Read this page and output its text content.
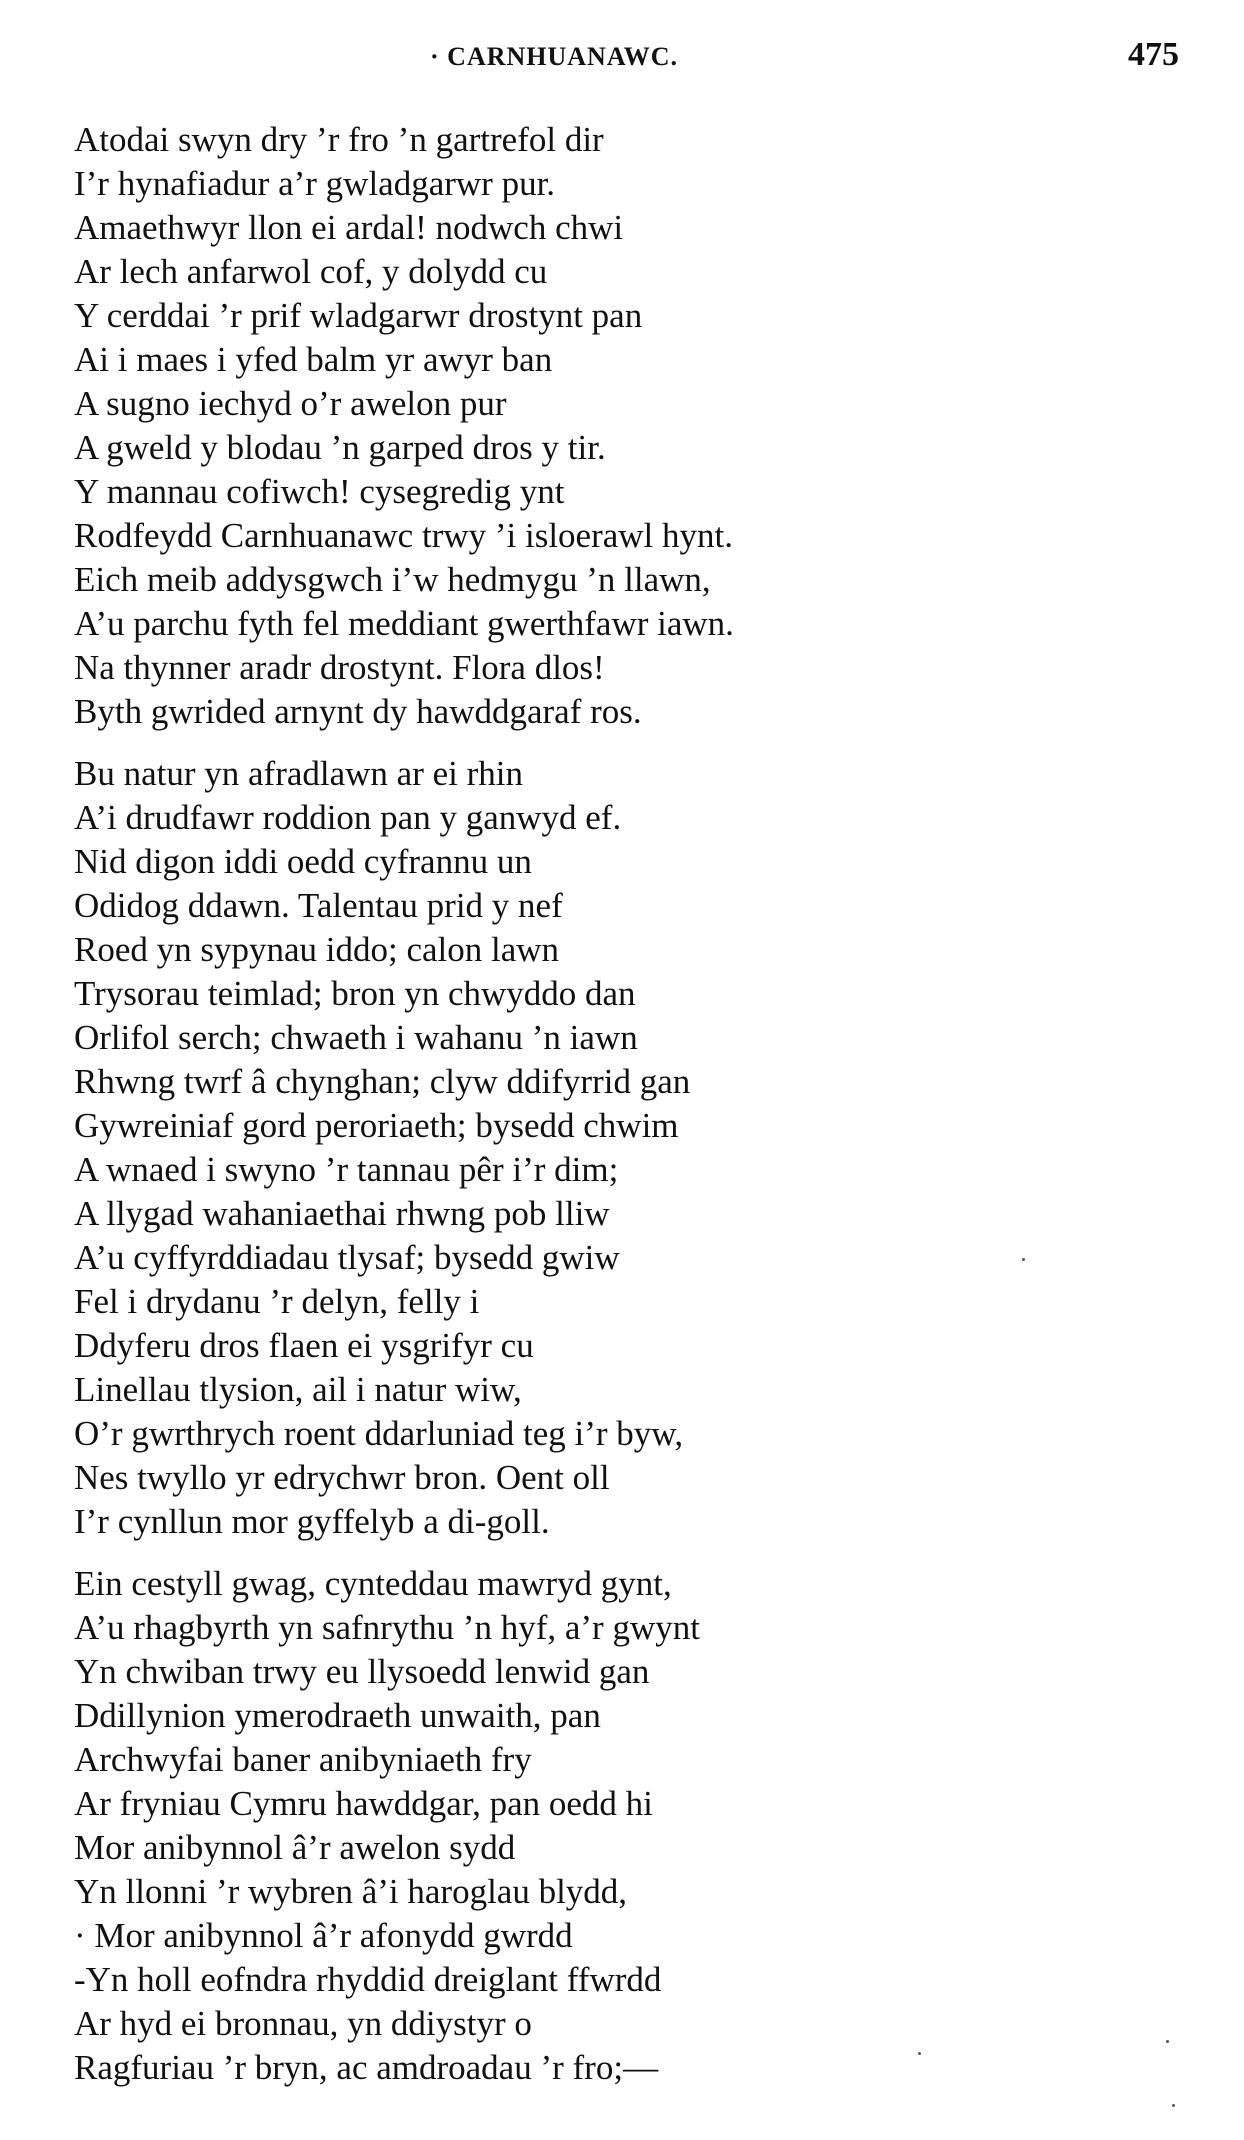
· CARNHUANAWC.	475
Atodai swyn dry ’r fro ’n gartrefol dir
I’r hynafiadur a’r gwladgarwr pur.
Amaethwyr llon ei ardal! nodwch chwi
Ar lech anfarwol cof, y dolydd cu
Y cerddai ’r prif wladgarwr drostynt pan
Ai i maes i yfed balm yr awyr ban
A sugno iechyd o’r awelon pur
A gweld y blodau ’n garped dros y tir.
Y mannau cofiwch! cysegredig ynt
Rodfeydd Carnhuanawc trwy ’i isloerawl hynt.
Eich meib addysgwch i’w hedmygu ’n llawn,
A’u parchu fyth fel meddiant gwerthfawr iawn.
Na thynner aradr drostynt. Flora dlos!
Byth gwrided arnynt dy hawddgaraf ros.
Bu natur yn afradlawn ar ei rhin
A’i drudfawr roddion pan y ganwyd ef.
Nid digon iddi oedd cyfrannu un
Odidog ddawn. Talentau prid y nef
Roed yn sypynau iddo; calon lawn
Trysorau teimlad; bron yn chwyddo dan
Orlifol serch; chwaeth i wahanu ’n iawn
Rhwng twrf â chynghan; clyw ddifyrrid gan
Gywreiniaf gord peroriaeth; bysedd chwim
A wnaed i swyno ’r tannau pêr i’r dim;
A llygad wahaniaethai rhwng pob lliw
A’u cyffyrddiadau tlysaf; bysedd gwiw
Fel i drydanu ’r delyn, felly i
Ddyferu dros flaen ei ysgrifyr cu
Linellau tlysion, ail i natur wiw,
O’r gwrthrych roent ddarluniad teg i’r byw,
Nes twyllo yr edrychwr bron. Oent oll
I’r cynllun mor gyffelyb a di-goll.
Ein cestyll gwag, cynteddau mawryd gynt,
A’u rhagbyrth yn safnrythu ’n hyf, a’r gwynt
Yn chwiban trwy eu llysoedd lenwid gan
Ddillynion ymerodraeth unwaith, pan
Archwyfai baner anibyniaeth fry
Ar fryniau Cymru hawddgar, pan oedd hi
Mor anibynnol â’r awelon sydd
Yn llonni ’r wybren â’i haroglau blydd,
· Mor anibynnol â’r afonydd gwrdd
-Yn holl eofndra rhyddid dreiglant ffwrdd
Ar hyd ei bronnau, yn ddiystyr o
Ragfuriau ’r bryn, ac amdroadau ’r fro;—
